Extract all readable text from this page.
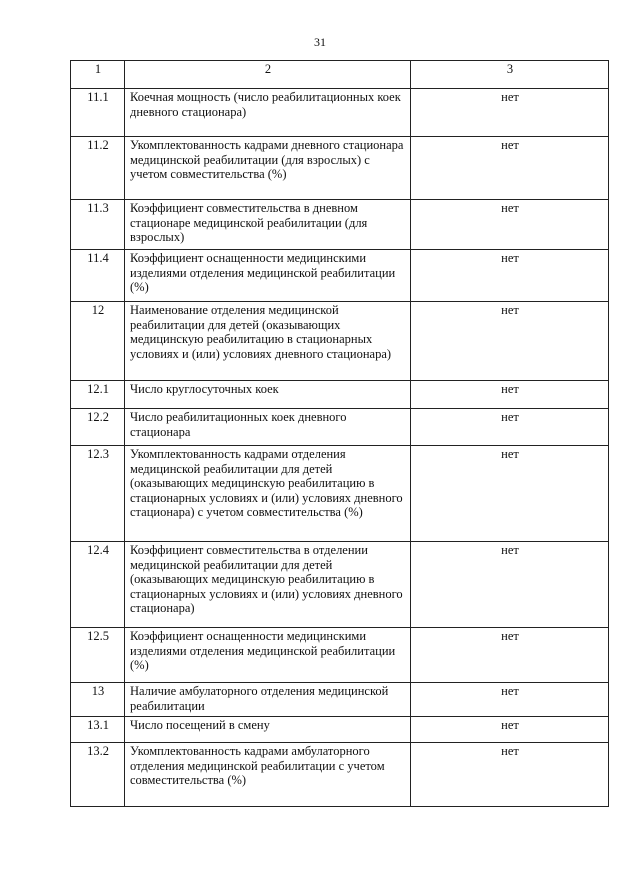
31
1	2	3
11.1	Коечная мощность (число реабилитационных коек дневного стационара)	нет
11.2	Укомплектованность кадрами дневного стационара медицинской реабилитации (для взрослых) с учетом совместительства (%)	нет
11.3	Коэффициент совместительства в дневном стационаре медицинской реабилитации (для взрослых)	нет
11.4	Коэффициент оснащенности медицинскими изделиями отделения медицинской реабилитации (%)	нет
12	Наименование отделения медицинской реабилитации для детей (оказывающих медицинскую реабилитацию в стационарных условиях и (или) условиях дневного стационара)	нет
12.1	Число круглосуточных коек	нет
12.2	Число реабилитационных коек дневного стационара	нет
12.3	Укомплектованность кадрами отделения медицинской реабилитации для детей (оказывающих медицинскую реабилитацию в стационарных условиях и (или) условиях дневного стационара) с учетом совместительства (%)	нет
12.4	Коэффициент совместительства в отделении медицинской реабилитации для детей (оказывающих медицинскую реабилитацию в стационарных условиях и (или) условиях дневного стационара)	нет
12.5	Коэффициент оснащенности медицинскими изделиями отделения медицинской реабилитации (%)	нет
13	Наличие амбулаторного отделения медицинской реабилитации	нет
13.1	Число посещений в смену	нет
13.2	Укомплектованность кадрами амбулаторного отделения медицинской реабилитации с учетом совместительства (%)	нет
